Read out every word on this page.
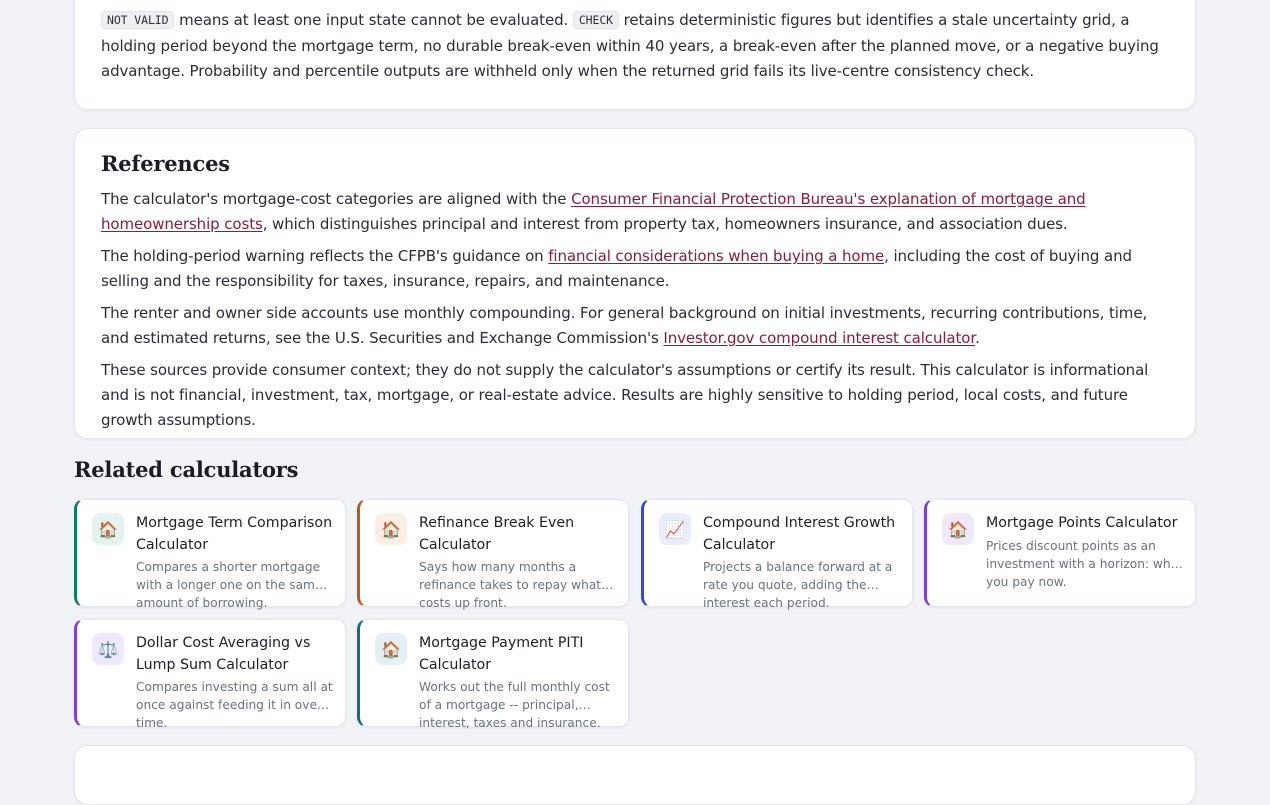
NOT VALID means at least one input state cannot be evaluated. CHECK retains deterministic figures but identifies a stale uncertainty grid, a holding period beyond the mortgage term, no durable break-even within 40 years, a break-even after the planned move, or a negative buying advantage. Probability and percentile outputs are withheld only when the returned grid fails its live-centre consistency check.

References

The calculator's mortgage-cost categories are aligned with the Consumer Financial Protection Bureau's explanation of mortgage and homeownership costs, which distinguishes principal and interest from property tax, homeowners insurance, and association dues.

The holding-period warning reflects the CFPB's guidance on financial considerations when buying a home, including the cost of buying and selling and the responsibility for taxes, insurance, repairs, and maintenance.

The renter and owner side accounts use monthly compounding. For general background on initial investments, recurring contributions, time, and estimated returns, see the U.S. Securities and Exchange Commission's Investor.gov compound interest calculator.

These sources provide consumer context; they do not supply the calculator's assumptions or certify its result. This calculator is informational and is not financial, investment, tax, mortgage, or real-estate advice. Results are highly sensitive to holding period, local costs, and future growth assumptions.

Related calculators
🏠	Mortgage Term Comparison Calculator
Compares a shorter mortgage with a longer one on the same amount of borrowing.
🏠	Refinance Break Even Calculator
Says how many months a refinance takes to repay what it costs up front.
📈	Compound Interest Growth Calculator
Projects a balance forward at a rate you quote, adding the interest each period.
🏠	Mortgage Points Calculator
Prices discount points as an investment with a horizon: what you pay now.
⚖️	Dollar Cost Averaging vs Lump Sum Calculator
Compares investing a sum all at once against feeding it in over time.
🏠	Mortgage Payment PITI Calculator
Works out the full monthly cost of a mortgage -- principal, interest, taxes and insurance.
